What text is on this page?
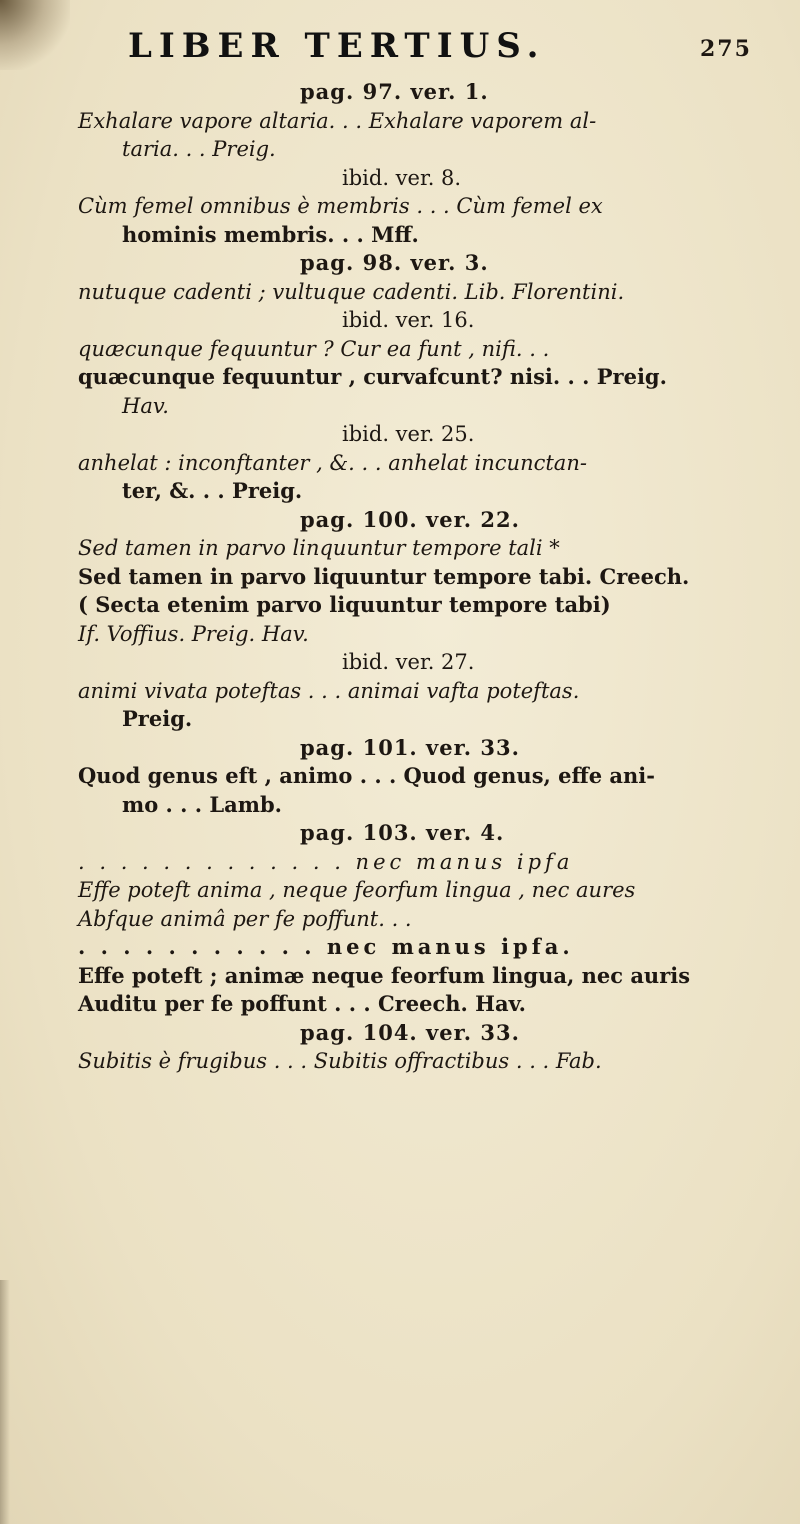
LIBER TERTIUS.	275
pag. 97. ver. 1.
Exhalare vapore altaria. . . Exhalare vaporem al-
taria. . . Preig.
ibid. ver. 8.
Cùm femel omnibus è membris . . . Cùm femel ex
hominis membris. . . Mff.
pag. 98. ver. 3.
nutuque cadenti ; vultuque cadenti. Lib. Florentini.
ibid. ver. 16.
quæcunque fequuntur ? Cur ea funt , nifi. . .
quæcunque fequuntur , curvafcunt? nisi. . . Preig.
Hav.
ibid. ver. 25.
anhelat : inconftanter , &. . . anhelat incunctan-
ter, &. . . Preig.
pag. 100. ver. 22.
Sed tamen in parvo linquuntur tempore tali *
Sed tamen in parvo liquuntur tempore tabi. Creech.
( Secta etenim parvo liquuntur tempore tabi)
If. Voffius. Preig. Hav.
ibid. ver. 27.
animi vivata poteftas . . . animai vafta poteftas.
Preig.
pag. 101. ver. 33.
Quod genus eft , animo . . . Quod genus, effe ani-
mo . . . Lamb.
pag. 103. ver. 4.
. . . . . . . . . . . . . nec manus ipfa
Effe poteft anima , neque feorfum lingua , nec aures
Abfque animâ per fe poffunt. . .
. . . . . . . . . . . nec manus ipfa.
Effe poteft ; animæ neque feorfum lingua, nec auris
Auditu per fe poffunt . . . Creech. Hav.
pag. 104. ver. 33.
Subitis è frugibus . . . Subitis offractibus . . . Fab.
